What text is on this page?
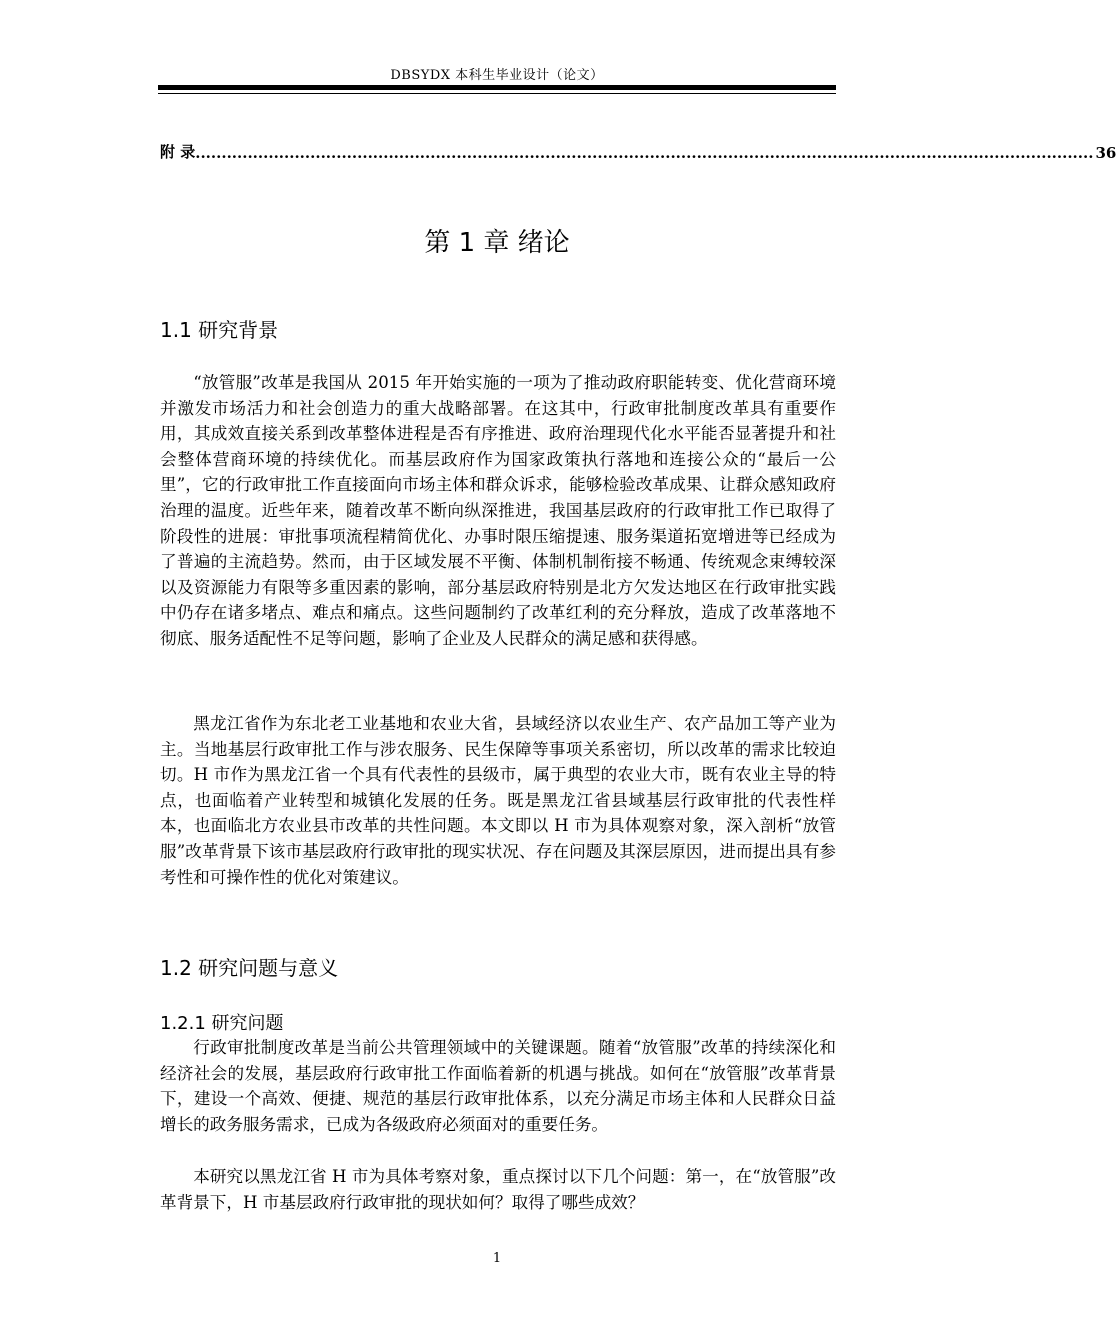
DBSYDX 本科生毕业设计（论文）
附 录 ............................................................................................................................................................................ 36
第 1 章 绪论
1.1 研究背景

“放管服”改革是我国从 2015 年开始实施的一项为了推动政府职能转变、优化营商环境并激发市场活力和社会创造力的重大战略部署。在这其中，行政审批制度改革具有重要作用，其成效直接关系到改革整体进程是否有序推进、政府治理现代化水平能否显著提升和社会整体营商环境的持续优化。而基层政府作为国家政策执行落地和连接公众的“最后一公里”，它的行政审批工作直接面向市场主体和群众诉求，能够检验改革成果、让群众感知政府治理的温度。近些年来，随着改革不断向纵深推进，我国基层政府的行政审批工作已取得了阶段性的进展：审批事项流程精简优化、办事时限压缩提速、服务渠道拓宽增进等已经成为了普遍的主流趋势。然而，由于区域发展不平衡、体制机制衔接不畅通、传统观念束缚较深以及资源能力有限等多重因素的影响，部分基层政府特别是北方欠发达地区在行政审批实践中仍存在诸多堵点、难点和痛点。这些问题制约了改革红利的充分释放，造成了改革落地不彻底、服务适配性不足等问题，影响了企业及人民群众的满足感和获得感。

黑龙江省作为东北老工业基地和农业大省，县域经济以农业生产、农产品加工等产业为主。当地基层行政审批工作与涉农服务、民生保障等事项关系密切，所以改革的需求比较迫切。H 市作为黑龙江省一个具有代表性的县级市，属于典型的农业大市，既有农业主导的特点，也面临着产业转型和城镇化发展的任务。既是黑龙江省县域基层行政审批的代表性样本，也面临北方农业县市改革的共性问题。本文即以 H 市为具体观察对象，深入剖析“放管服”改革背景下该市基层政府行政审批的现实状况、存在问题及其深层原因，进而提出具有参考性和可操作性的优化对策建议。

1.2 研究问题与意义
1.2.1 研究问题

行政审批制度改革是当前公共管理领域中的关键课题。随着“放管服”改革的持续深化和经济社会的发展，基层政府行政审批工作面临着新的机遇与挑战。如何在“放管服”改革背景下，建设一个高效、便捷、规范的基层行政审批体系，以充分满足市场主体和人民群众日益增长的政务服务需求，已成为各级政府必须面对的重要任务。

本研究以黑龙江省 H 市为具体考察对象，重点探讨以下几个问题：第一，在“放管服”改革背景下，H 市基层政府行政审批的现状如何？取得了哪些成效？

1
